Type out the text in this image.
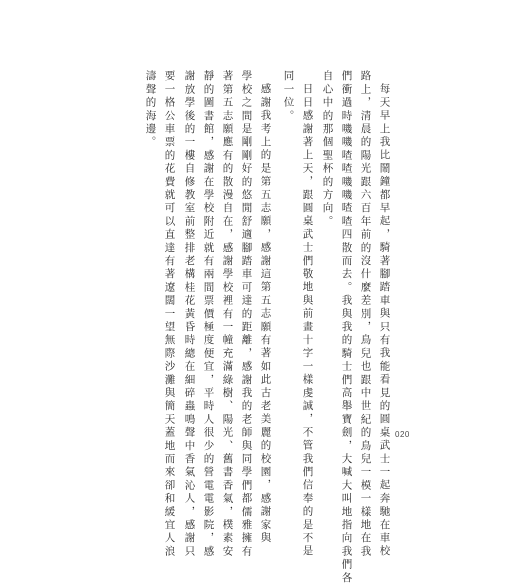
每天早上我比鬧鐘都早起，騎著腳踏車與只有我能看見的圓桌武士一起奔馳在車校
路上，清晨的陽光跟六百年前的沒什麼差別，鳥兒也跟中世紀的鳥兒一模一樣地在我
們衝過時嘰嘰喳喳嘰嘰喳喳四散而去。我與我的騎士們高舉寶劍，大喊大叫地指向我們各
自心中的那個聖杯的方向。
日日感謝著上天，跟圓桌武士們敬地與前畫十字一樣虔誠，不管我們信奉的是不是
同一位。
感謝我考上的是第五志願，感謝這第五志願有著如此古老美麗的校園，感謝家與
學校之間是剛剛好的悠閒舒適腳踏車可達的距離，感謝我的老師與同學們都儒雅擁有
著第五志願應有的散漫自在，感謝學校裡有一幢充滿綠樹、陽光、舊書香氣，樸素安
靜的圖書館，感謝在學校附近就有兩間票價極度便宜，平時人很少的營電電影院，感
謝放學後的一樓自修教室前整排老構桂花黃昏時總在細碎蟲鳴聲中香氣沁人，感謝只
要一格公車票的花費就可以直達有著遼闊一望無際沙灘與簡天蓋地而來卻和緩宜人浪
濤聲的海邊。
020
